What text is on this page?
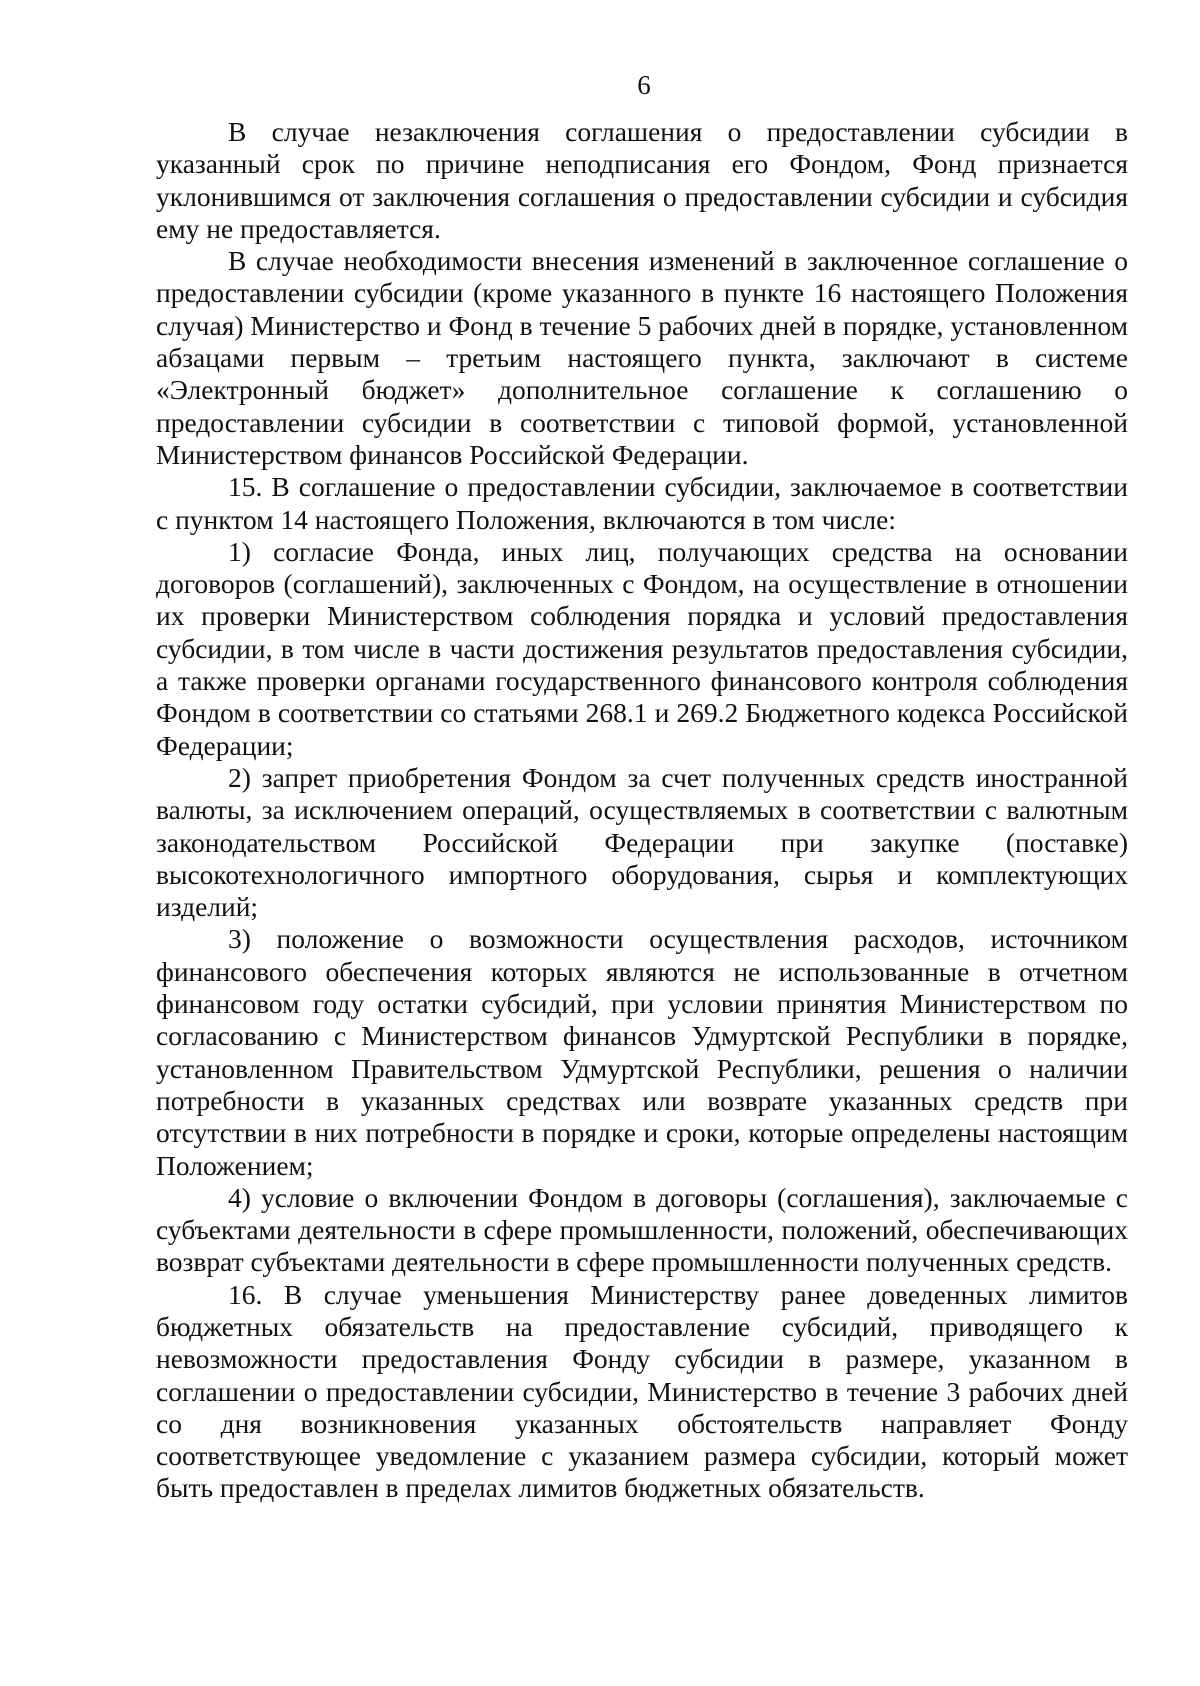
6

В случае незаключения соглашения о предоставлении субсидии в указанный срок по причине неподписания его Фондом, Фонд признается уклонившимся от заключения соглашения о предоставлении субсидии и субсидия ему не предоставляется.

В случае необходимости внесения изменений в заключенное соглашение о предоставлении субсидии (кроме указанного в пункте 16 настоящего Положения случая) Министерство и Фонд в течение 5 рабочих дней в порядке, установленном абзацами первым – третьим настоящего пункта, заключают в системе «Электронный бюджет» дополнительное соглашение к соглашению о предоставлении субсидии в соответствии с типовой формой, установленной Министерством финансов Российской Федерации.

15. В соглашение о предоставлении субсидии, заключаемое в соответствии с пунктом 14 настоящего Положения, включаются в том числе:

1) согласие Фонда, иных лиц, получающих средства на основании договоров (соглашений), заключенных с Фондом, на осуществление в отношении их проверки Министерством соблюдения порядка и условий предоставления субсидии, в том числе в части достижения результатов предоставления субсидии, а также проверки органами государственного финансового контроля соблюдения Фондом в соответствии со статьями 268.1 и 269.2 Бюджетного кодекса Российской Федерации;

2) запрет приобретения Фондом за счет полученных средств иностранной валюты, за исключением операций, осуществляемых в соответствии с валютным законодательством Российской Федерации при закупке (поставке) высокотехнологичного импортного оборудования, сырья и комплектующих изделий;

3) положение о возможности осуществления расходов, источником финансового обеспечения которых являются не использованные в отчетном финансовом году остатки субсидий, при условии принятия Министерством по согласованию с Министерством финансов Удмуртской Республики в порядке, установленном Правительством Удмуртской Республики, решения о наличии потребности в указанных средствах или возврате указанных средств при отсутствии в них потребности в порядке и сроки, которые определены настоящим Положением;

4) условие о включении Фондом в договоры (соглашения), заключаемые с субъектами деятельности в сфере промышленности, положений, обеспечивающих возврат субъектами деятельности в сфере промышленности полученных средств.

16. В случае уменьшения Министерству ранее доведенных лимитов бюджетных обязательств на предоставление субсидий, приводящего к невозможности предоставления Фонду субсидии в размере, указанном в соглашении о предоставлении субсидии, Министерство в течение 3 рабочих дней со дня возникновения указанных обстоятельств направляет Фонду соответствующее уведомление с указанием размера субсидии, который может быть предоставлен в пределах лимитов бюджетных обязательств.
